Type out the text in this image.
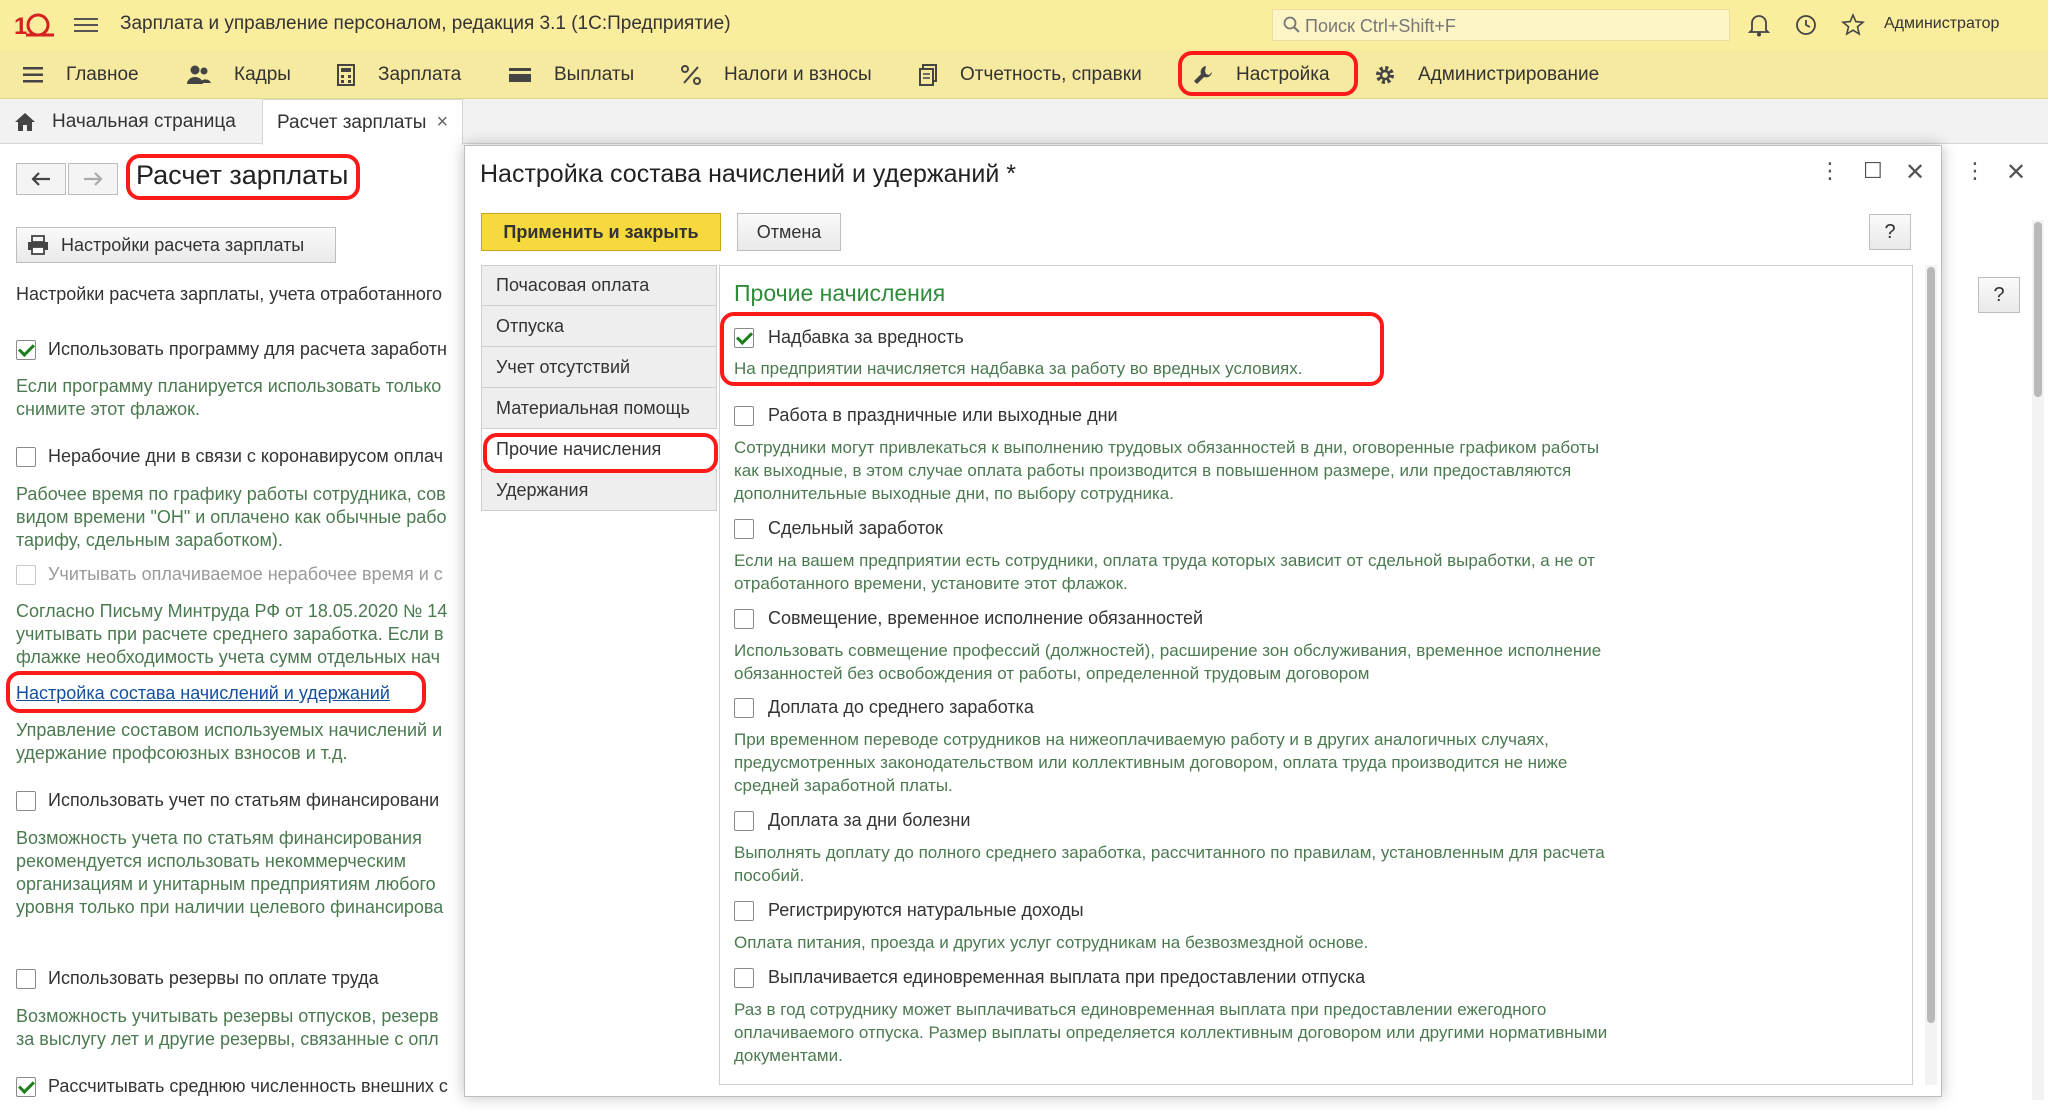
1	Зарплата и управление персоналом, редакция 3.1 (1С:Предприятие)	Поиск Ctrl+Shift+F	Администратор
Главное	Кадры	Зарплата	Выплаты	Налоги и взносы	Отчетность, справки	Настройка	Администрирование
Начальная страница Расчет зарплаты ×
Расчет зарплаты
Настройки расчета зарплаты
Настройки расчета зарплаты, учета отработанного
Использовать программу для расчета заработн
Если программу планируется использовать только
снимите этот флажок.
Нерабочие дни в связи с коронавирусом оплач
Рабочее время по графику работы сотрудника, сов
видом времени "ОН" и оплачено как обычные рабо
тарифу, сдельным заработком).
Учитывать оплачиваемое нерабочее время и с
Согласно Письму Минтруда РФ от 18.05.2020 № 14
учитывать при расчете среднего заработка. Если в
флажке необходимость учета сумм отдельных нач
Настройка состава начислений и удержаний
Управление составом используемых начислений и
удержание профсоюзных взносов и т.д.
Использовать учет по статьям финансировани
Возможность учета по статьям финансирования
рекомендуется использовать некоммерческим
организациям и унитарным предприятиям любого
уровня только при наличии целевого финансирова
Использовать резервы по оплате труда
Возможность учитывать резервы отпусков, резерв
за выслугу лет и другие резервы, связанные с опл
Рассчитывать среднюю численность внешних с
⋮ ✕
?
Настройка состава начислений и удержаний *	⋮ ☐ ✕
Применить и закрыть	Отмена	?
Почасовая оплата
Отпуска
Учет отсутствий
Материальная помощь
Прочие начисления
Удержания
Прочие начисления
Надбавка за вредность
На предприятии начисляется надбавка за работу во вредных условиях.
Работа в праздничные или выходные дни
Сотрудники могут привлекаться к выполнению трудовых обязанностей в дни, оговоренные графиком работы
как выходные, в этом случае оплата работы производится в повышенном размере, или предоставляются
дополнительные выходные дни, по выбору сотрудника.
Сдельный заработок
Если на вашем предприятии есть сотрудники, оплата труда которых зависит от сдельной выработки, а не от
отработанного времени, установите этот флажок.
Совмещение, временное исполнение обязанностей
Использовать совмещение профессий (должностей), расширение зон обслуживания, временное исполнение
обязанностей без освобождения от работы, определенной трудовым договором
Доплата до среднего заработка
При временном переводе сотрудников на нижеоплачиваемую работу и в других аналогичных случаях,
предусмотренных законодательством или коллективным договором, оплата труда производится не ниже
средней заработной платы.
Доплата за дни болезни
Выполнять доплату до полного среднего заработка, рассчитанного по правилам, установленным для расчета
пособий.
Регистрируются натуральные доходы
Оплата питания, проезда и других услуг сотрудникам на безвозмездной основе.
Выплачивается единовременная выплата при предоставлении отпуска
Раз в год сотруднику может выплачиваться единовременная выплата при предоставлении ежегодного
оплачиваемого отпуска. Размер выплаты определяется коллективным договором или другими нормативными
документами.
